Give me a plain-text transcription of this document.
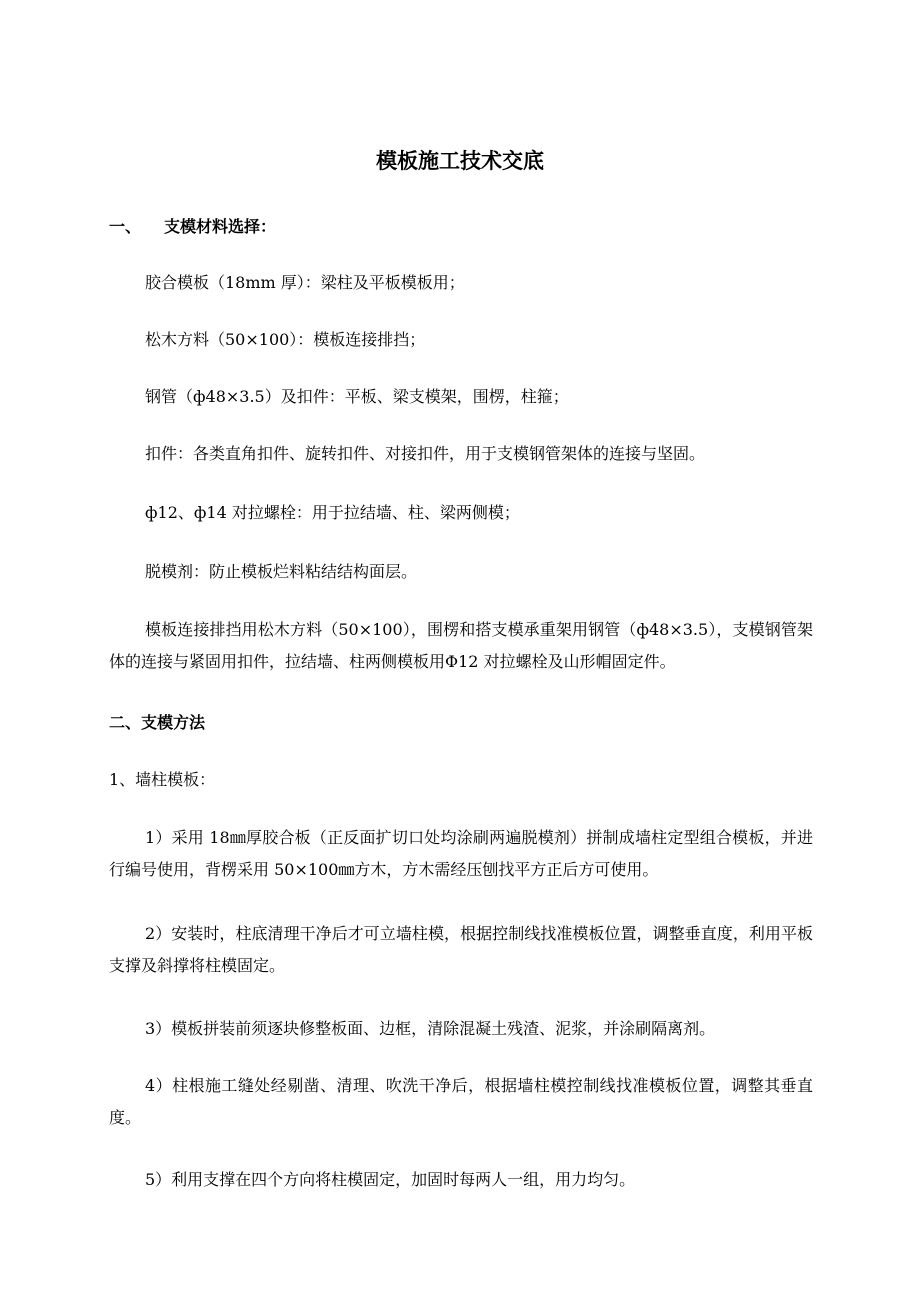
模板施工技术交底
一、 支模材料选择：
胶合模板（18mm 厚）：梁柱及平板模板用；
松木方料（50×100）：模板连接排挡；
钢管（ф48×3.5）及扣件：平板、梁支模架，围楞，柱箍；
扣件：各类直角扣件、旋转扣件、对接扣件，用于支模钢管架体的连接与坚固。
ф12、ф14 对拉螺栓：用于拉结墙、柱、梁两侧模；
脱模剂：防止模板烂料粘结结构面层。
模板连接排挡用松木方料（50×100），围楞和搭支模承重架用钢管（ф48×3.5），支模钢管架体的连接与紧固用扣件，拉结墙、柱两侧模板用Φ12 对拉螺栓及山形帽固定件。
二、支模方法
1、墙柱模板：
1）采用 18㎜厚胶合板（正反面扩切口处均涂刷两遍脱模剂）拼制成墙柱定型组合模板，并进行编号使用，背楞采用 50×100㎜方木，方木需经压刨找平方正后方可使用。
2）安装时，柱底清理干净后才可立墙柱模，根据控制线找准模板位置，调整垂直度，利用平板支撑及斜撑将柱模固定。
3）模板拼装前须逐块修整板面、边框，清除混凝土残渣、泥浆，并涂刷隔离剂。
4）柱根施工缝处经剔凿、清理、吹洗干净后，根据墙柱模控制线找准模板位置，调整其垂直度。
5）利用支撑在四个方向将柱模固定，加固时每两人一组，用力均匀。
